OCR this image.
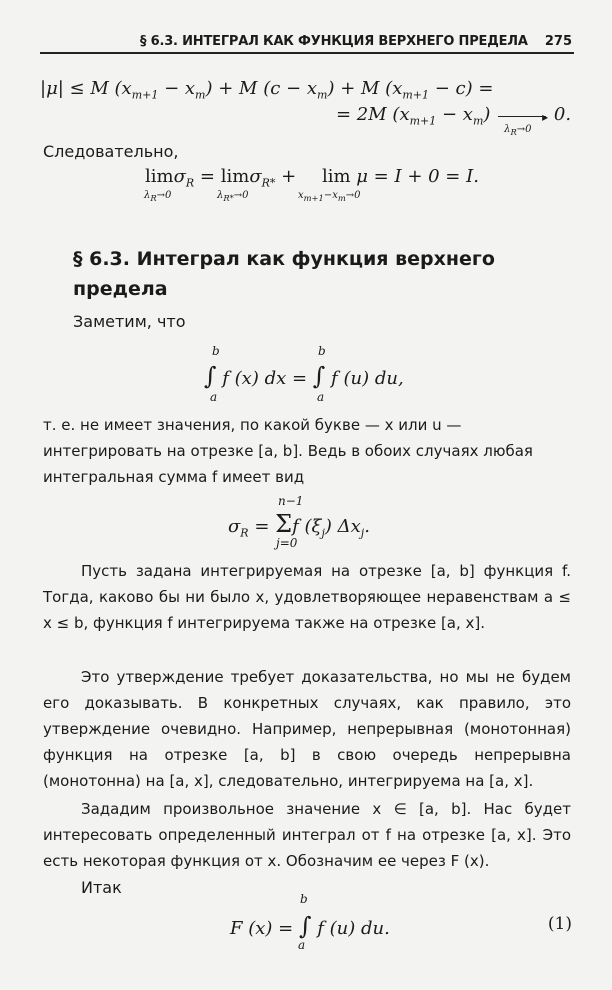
§ 6.3. ИНТЕГРАЛ КАК ФУНКЦИЯ ВЕРХНЕГО ПРЕДЕЛА 275
|μ| ≤ M $(x_{m+1} - x_m) + M$ $(c - x_m) + M$ $(x_{m+1} - c)$ =
= 2M $(x_{m+1} - x_m)$	▸
$\lambda_R\to 0$
0.
Следовательно,
limσ$_R$ = limσ$_{R*}$ + lim μ = I + 0 = I.
$\lambda_R\to 0$	$\lambda_{R*}\to 0$	$x_{m+1}-x_m\to 0$
§ 6.3. Интеграл как функция верхнего предела
Заметим, что
∫ f (x) dx = ∫ f (u) du,
b
a
b
a
т. е. не имеет значения, по какой букве — x или u —
интегрировать на отрезке [a, b]. Ведь в обоих случаях любая
интегральная сумма f имеет вид
$\sigma_R = \Sigma f$ $(\xi_j)$ $\Delta x_j$.
n−1
j=0
Пусть задана интегрируемая на отрезке [a, b] функция f. Тогда, каково бы ни было x, удовлетворяющее неравенствам a ≤ x ≤ b, функция f интегрируема также на отрезке [a, x].
Это утверждение требует доказательства, но мы не будем его доказывать. В конкретных случаях, как правило, это утверждение очевидно. Например, непрерывная (монотонная) функция на отрезке [a, b] в свою очередь непрерывна (монотонна) на [a, x], следовательно, интегрируема на [a, x].
Зададим произвольное значение x ∈ [a, b]. Нас будет интересовать определенный интеграл от f на отрезке [a, x]. Это есть некоторая функция от x. Обозначим ее через F (x).
Итак
F (x) = ∫ f (u) du.
b
a
(1)
